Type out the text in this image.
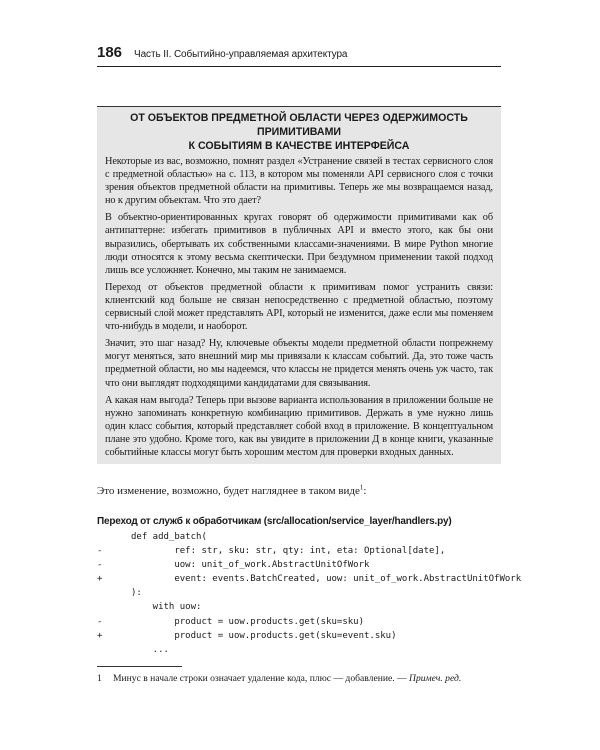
186 Часть II. Событийно-управляемая архитектура
ОТ ОБЪЕКТОВ ПРЕДМЕТНОЙ ОБЛАСТИ ЧЕРЕЗ ОДЕРЖИМОСТЬ ПРИМИТИВАМИ
К СОБЫТИЯМ В КАЧЕСТВЕ ИНТЕРФЕЙСА

Некоторые из вас, возможно, помнят раздел «Устранение связей в тестах сервисного слоя с предметной областью» на с. 113, в котором мы поменяли API сервисного слоя с точки зрения объектов предметной области на примитивы. Теперь же мы возвращаемся назад, но к другим объектам. Что это дает?

В объектно-ориентированных кругах говорят об одержимости примитивами как об антипаттерне: избегать примитивов в публичных API и вместо этого, как бы они выразились, обертывать их собственными классами-значениями. В мире Python многие люди относятся к этому весьма скептически. При бездумном применении такой подход лишь все усложняет. Конечно, мы таким не занимаемся.

Переход от объектов предметной области к примитивам помог устранить связи: клиентский код больше не связан непосредственно с предметной областью, поэтому сервисный слой может представлять API, который не изменится, даже если мы поменяем что-нибудь в модели, и наоборот.

Значит, это шаг назад? Ну, ключевые объекты модели предметной области попрежнему могут меняться, зато внешний мир мы привязали к классам событий. Да, это тоже часть предметной области, но мы надеемся, что классы не придется менять очень уж часто, так что они выглядят подходящими кандидатами для связывания.

А какая нам выгода? Теперь при вызове варианта использования в приложении больше не нужно запоминать конкретную комбинацию примитивов. Держать в уме нужно лишь один класс события, который представляет собой вход в приложение. В концептуальном плане это удобно. Кроме того, как вы увидите в приложении Д в конце книги, указанные событийные классы могут быть хорошим местом для проверки входных данных.

Это изменение, возможно, будет нагляднее в таком виде$^1$:

Переход от служб к обработчикам (src/allocation/service_layer/handlers.py)

def add_batch(
-	ref: str, sku: str, qty: int, eta: Optional[date],
-	uow: unit_of_work.AbstractUnitOfWork
+	event: events.BatchCreated, uow: unit_of_work.AbstractUnitOfWork
):
with uow:
-	product = uow.products.get(sku=sku)
+	product = uow.products.get(sku=event.sku)
...

1 Минус в начале строки означает удаление кода, плюс — добавление. — Примеч. ред.
